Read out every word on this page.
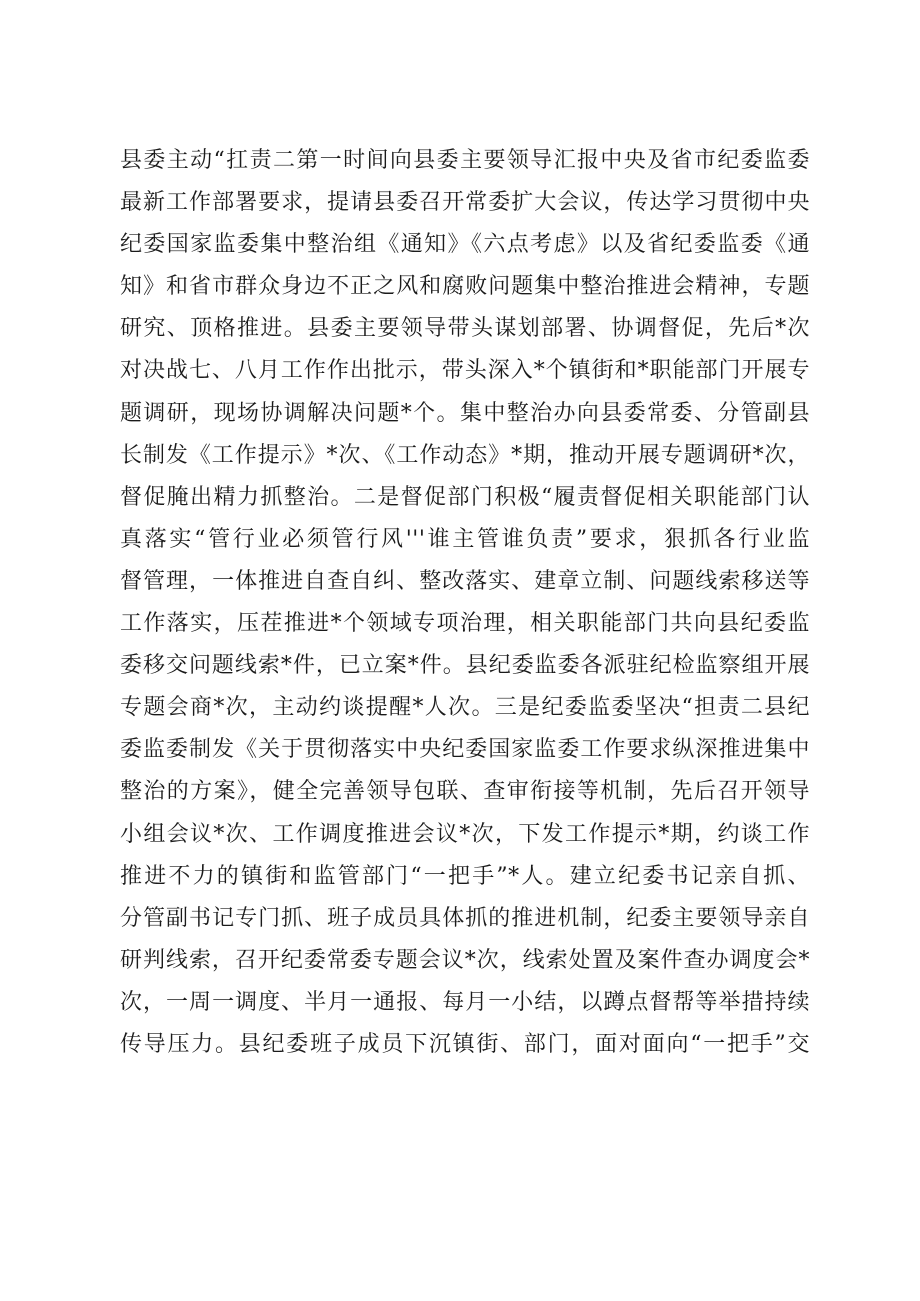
县委主动“扛责二第一时间向县委主要领导汇报中央及省市纪委监委
最新工作部署要求，提请县委召开常委扩大会议，传达学习贯彻中央
纪委国家监委集中整治组《通知》《六点考虑》以及省纪委监委《通
知》和省市群众身边不正之风和腐败问题集中整治推进会精神，专题
研究、顶格推进。县委主要领导带头谋划部署、协调督促，先后*次
对决战七、八月工作作出批示，带头深入*个镇街和*职能部门开展专
题调研，现场协调解决问题*个。集中整治办向县委常委、分管副县
长制发《工作提示》*次、《工作动态》*期，推动开展专题调研*次，
督促腌出精力抓整治。二是督促部门积极“履责督促相关职能部门认
真落实“管行业必须管行风'''谁主管谁负责”要求，狠抓各行业监
督管理，一体推进自查自纠、整改落实、建章立制、问题线索移送等
工作落实，压茬推进*个领域专项治理，相关职能部门共向县纪委监
委移交问题线索*件，已立案*件。县纪委监委各派驻纪检监察组开展
专题会商*次，主动约谈提醒*人次。三是纪委监委坚决“担责二县纪
委监委制发《关于贯彻落实中央纪委国家监委工作要求纵深推进集中
整治的方案》，健全完善领导包联、查审衔接等机制，先后召开领导
小组会议*次、工作调度推进会议*次，下发工作提示*期，约谈工作
推进不力的镇街和监管部门“一把手”*人。建立纪委书记亲自抓、
分管副书记专门抓、班子成员具体抓的推进机制，纪委主要领导亲自
研判线索，召开纪委常委专题会议*次，线索处置及案件查办调度会*
次，一周一调度、半月一通报、每月一小结，以蹲点督帮等举措持续
传导压力。县纪委班子成员下沉镇街、部门，面对面向“一把手”交
